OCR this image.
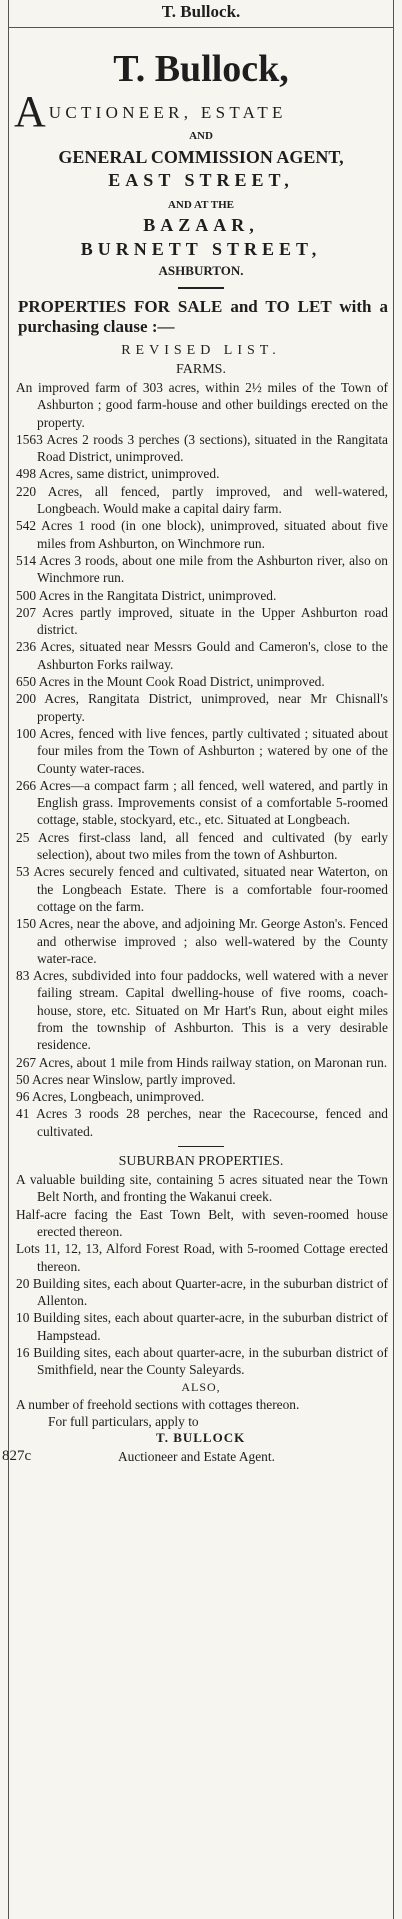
T. Bullock.
T. Bullock,
AUCTIONEER, ESTATE
AND
GENERAL COMMISSION AGENT,
EAST STREET,
AND AT THE
BAZAAR,
BURNETT STREET,
ASHBURTON.
PROPERTIES FOR SALE and TO LET with a purchasing clause :—
REVISED LIST.
FARMS.

An improved farm of 303 acres, within 2½ miles of the Town of Ashburton ; good farm-house and other buildings erected on the property.

1563 Acres 2 roods 3 perches (3 sections), situated in the Rangitata Road District, unimproved.

498 Acres, same district, unimproved.

220 Acres, all fenced, partly improved, and well-watered, Longbeach. Would make a capital dairy farm.

542 Acres 1 rood (in one block), unimproved, situated about five miles from Ashburton, on Winchmore run.

514 Acres 3 roods, about one mile from the Ashburton river, also on Winchmore run.

500 Acres in the Rangitata District, unimproved.

207 Acres partly improved, situate in the Upper Ashburton road district.

236 Acres, situated near Messrs Gould and Cameron's, close to the Ashburton Forks railway.

650 Acres in the Mount Cook Road District, unimproved.

200 Acres, Rangitata District, unimproved, near Mr Chisnall's property.

100 Acres, fenced with live fences, partly cultivated ; situated about four miles from the Town of Ashburton ; watered by one of the County water-races.

266 Acres—a compact farm ; all fenced, well watered, and partly in English grass. Improvements consist of a comfortable 5-roomed cottage, stable, stockyard, etc., etc. Situated at Longbeach.

25 Acres first-class land, all fenced and cultivated (by early selection), about two miles from the town of Ashburton.

53 Acres securely fenced and cultivated, situated near Waterton, on the Longbeach Estate. There is a comfortable four-roomed cottage on the farm.

150 Acres, near the above, and adjoining Mr. George Aston's. Fenced and otherwise improved ; also well-watered by the County water-race.

83 Acres, subdivided into four paddocks, well watered with a never failing stream. Capital dwelling-house of five rooms, coach-house, store, etc. Situated on Mr Hart's Run, about eight miles from the township of Ashburton. This is a very desirable residence.

267 Acres, about 1 mile from Hinds railway station, on Maronan run.

50 Acres near Winslow, partly improved.

96 Acres, Longbeach, unimproved.

41 Acres 3 roods 28 perches, near the Racecourse, fenced and cultivated.

SUBURBAN PROPERTIES.

A valuable building site, containing 5 acres situated near the Town Belt North, and fronting the Wakanui creek.

Half-acre facing the East Town Belt, with seven-roomed house erected thereon.

Lots 11, 12, 13, Alford Forest Road, with 5-roomed Cottage erected thereon.

20 Building sites, each about Quarter-acre, in the suburban district of Allenton.

10 Building sites, each about quarter-acre, in the suburban district of Hampstead.

16 Building sites, each about quarter-acre, in the suburban district of Smithfield, near the County Saleyards.

ALSO,

A number of freehold sections with cottages thereon.

For full particulars, apply to
T. BULLOCK
827c	Auctioneer and Estate Agent.
